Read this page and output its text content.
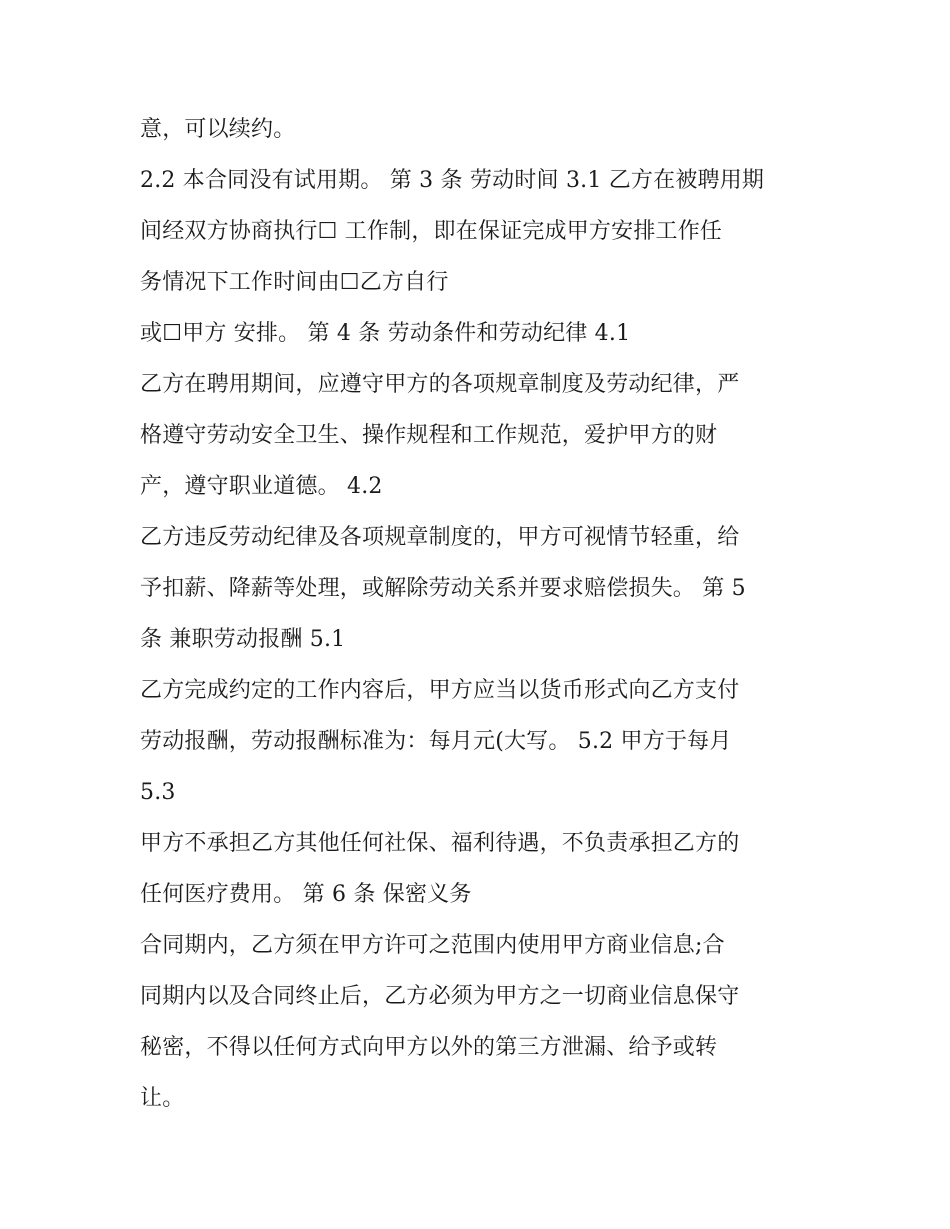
意，可以续约。
2.2 本合同没有试用期。 第 3 条 劳动时间 3.1 乙方在被聘用期
间经双方协商执行☐ 工作制，即在保证完成甲方安排工作任
务情况下工作时间由☐乙方自行
或☐甲方 安排。 第 4 条 劳动条件和劳动纪律 4.1
乙方在聘用期间，应遵守甲方的各项规章制度及劳动纪律，严
格遵守劳动安全卫生、操作规程和工作规范，爱护甲方的财
产，遵守职业道德。 4.2
乙方违反劳动纪律及各项规章制度的，甲方可视情节轻重，给
予扣薪、降薪等处理，或解除劳动关系并要求赔偿损失。 第 5
条 兼职劳动报酬 5.1
乙方完成约定的工作内容后，甲方应当以货币形式向乙方支付
劳动报酬，劳动报酬标准为：每月元(大写。 5.2 甲方于每月
5.3
甲方不承担乙方其他任何社保、福利待遇，不负责承担乙方的
任何医疗费用。 第 6 条 保密义务
合同期内，乙方须在甲方许可之范围内使用甲方商业信息;合
同期内以及合同终止后，乙方必须为甲方之一切商业信息保守
秘密，不得以任何方式向甲方以外的第三方泄漏、给予或转
让。
